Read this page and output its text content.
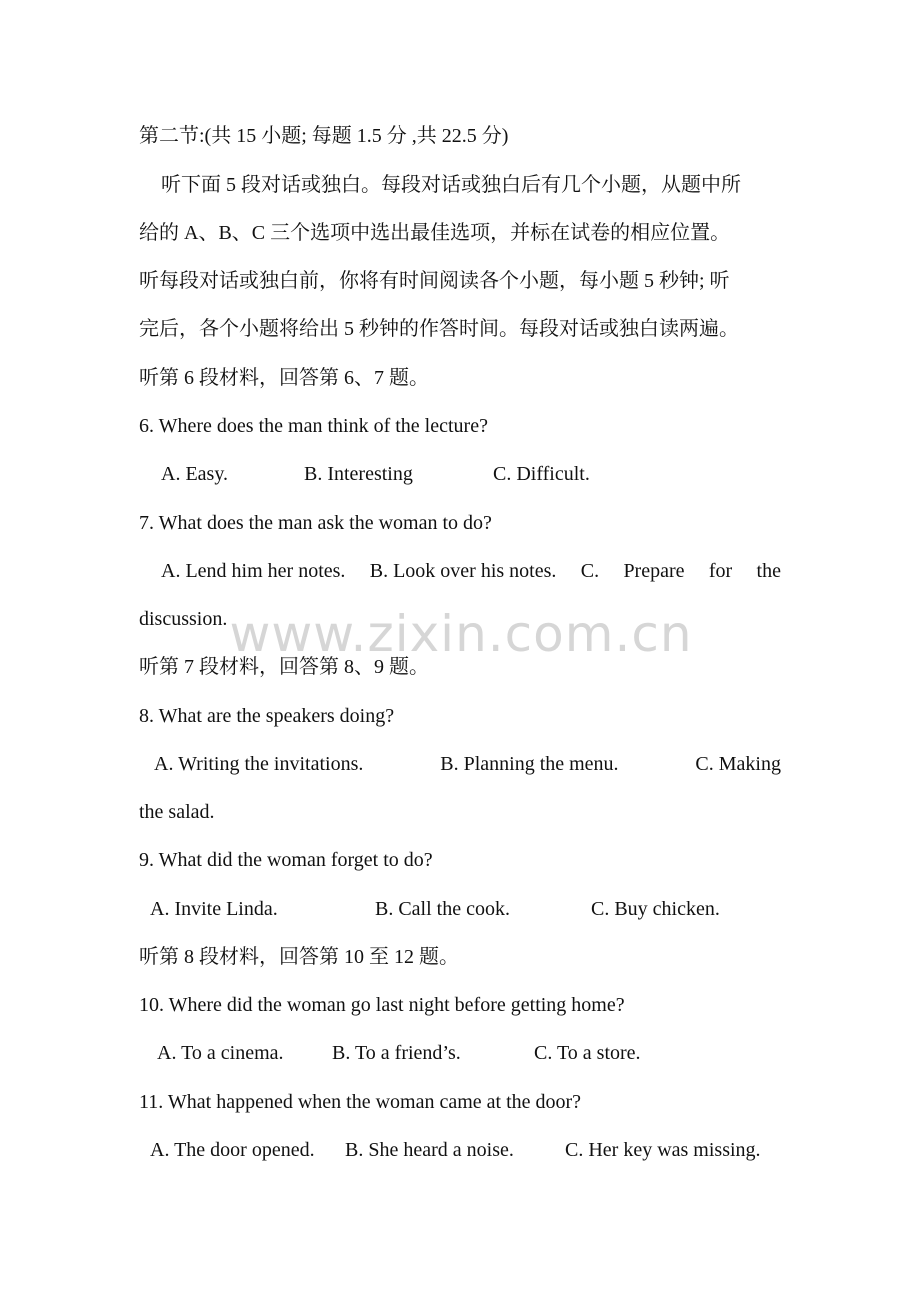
第二节:(共 15 小题; 每题 1.5 分 ,共 22.5 分)
听下面 5 段对话或独白。每段对话或独白后有几个小题，从题中所
给的 A、B、C 三个选项中选出最佳选项，并标在试卷的相应位置。
听每段对话或独白前，你将有时间阅读各个小题，每小题 5 秒钟; 听
完后，各个小题将给出 5 秒钟的作答时间。每段对话或独白读两遍。
听第 6 段材料，回答第 6、7 题。
6. Where does the man think of the lecture?
A. Easy.	B. Interesting	C. Difficult.
7. What does the man ask the woman to do?
A. Lend him her notes. B. Look over his notes. C. Prepare for the
discussion.
听第 7 段材料，回答第 8、9 题。
8. What are the speakers doing?
A. Writing the invitations.	B. Planning the menu.	C. Making
the salad.
9. What did the woman forget to do?
A. Invite Linda.	B. Call the cook.	C. Buy chicken.
听第 8 段材料，回答第 10 至 12 题。
10. Where did the woman go last night before getting home?
A. To a cinema. B. To a friend’s.	C. To a store.
11. What happened when the woman came at the door?
A. The door opened. B. She heard a noise.	C. Her key was missing.
www.zixin.com.cn
